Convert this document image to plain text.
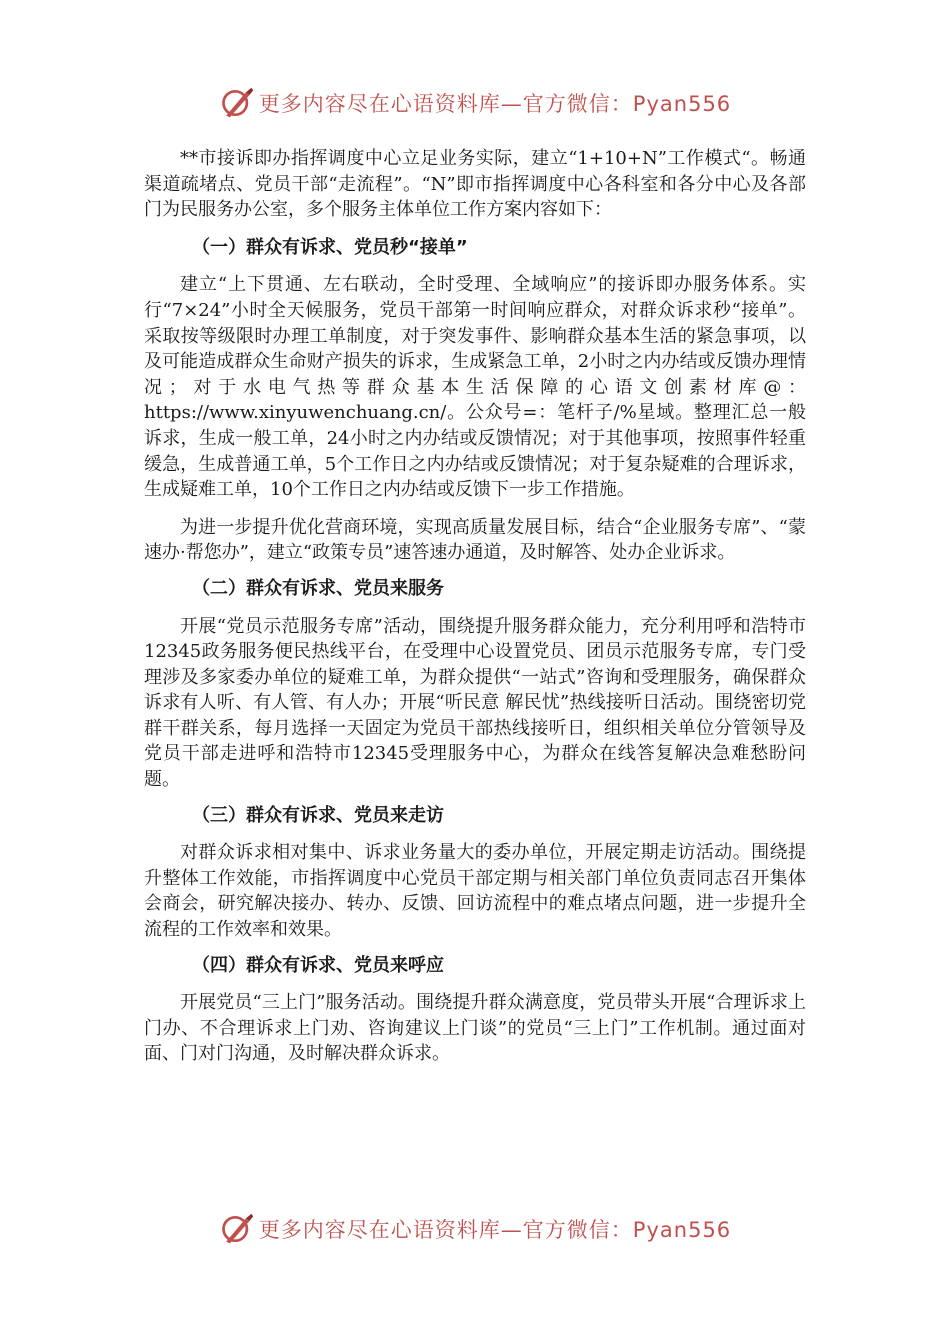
更多内容尽在心语资料库—官方微信：Pyan556

**市接诉即办指挥调度中心立足业务实际，建立“1+10+N”工作模式“。畅通渠道疏堵点、党员干部“走流程”。“N”即市指挥调度中心各科室和各分中心及各部门为民服务办公室，多个服务主体单位工作方案内容如下：

（一）群众有诉求、党员秒“接单”

建立“上下贯通、左右联动，全时受理、全域响应”的接诉即办服务体系。实行“7×24”小时全天候服务，党员干部第一时间响应群众，对群众诉求秒“接单”。采取按等级限时办理工单制度，对于突发事件、影响群众基本生活的紧急事项，以及可能造成群众生命财产损失的诉求，生成紧急工单，2小时之内办结或反馈办理情况；对于水电气热等群众基本生活保障的心语文创素材库@：https://www.xinyuwenchuang.cn/。公众号=：笔杆子/%星域。整理汇总一般诉求，生成一般工单，24小时之内办结或反馈情况；对于其他事项，按照事件轻重缓急，生成普通工单，5个工作日之内办结或反馈情况；对于复杂疑难的合理诉求，生成疑难工单，10个工作日之内办结或反馈下一步工作措施。

为进一步提升优化营商环境，实现高质量发展目标，结合“企业服务专席”、“蒙速办·帮您办”，建立“政策专员”速答速办通道，及时解答、处办企业诉求。

（二）群众有诉求、党员来服务

开展“党员示范服务专席”活动，围绕提升服务群众能力，充分利用呼和浩特市12345政务服务便民热线平台，在受理中心设置党员、团员示范服务专席，专门受理涉及多家委办单位的疑难工单，为群众提供“一站式”咨询和受理服务，确保群众诉求有人听、有人管、有人办；开展“听民意 解民忧”热线接听日活动。围绕密切党群干群关系，每月选择一天固定为党员干部热线接听日，组织相关单位分管领导及党员干部走进呼和浩特市12345受理服务中心，为群众在线答复解决急难愁盼问题。

（三）群众有诉求、党员来走访

对群众诉求相对集中、诉求业务量大的委办单位，开展定期走访活动。围绕提升整体工作效能，市指挥调度中心党员干部定期与相关部门单位负责同志召开集体会商会，研究解决接办、转办、反馈、回访流程中的难点堵点问题，进一步提升全流程的工作效率和效果。

（四）群众有诉求、党员来呼应

开展党员“三上门”服务活动。围绕提升群众满意度，党员带头开展“合理诉求上门办、不合理诉求上门劝、咨询建议上门谈”的党员“三上门”工作机制。通过面对面、门对门沟通，及时解决群众诉求。

更多内容尽在心语资料库—官方微信：Pyan556
